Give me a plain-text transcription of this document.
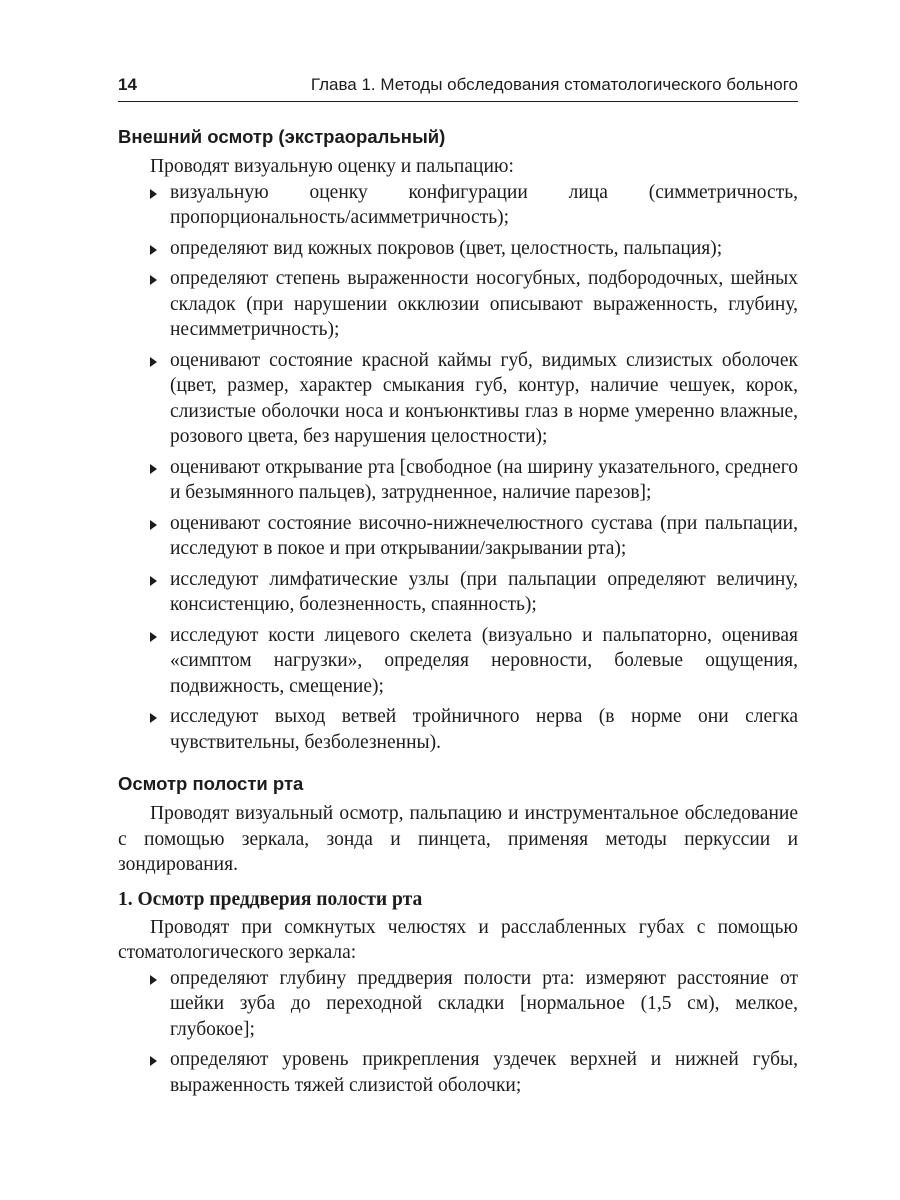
14	Глава 1. Методы обследования стоматологического больного
Внешний осмотр (экстраоральный)

Проводят визуальную оценку и пальпацию:

визуальную оценку конфигурации лица (симметричность, пропорциональность/асимметричность);
определяют вид кожных покровов (цвет, целостность, пальпация);
определяют степень выраженности носогубных, подбородочных, шейных складок (при нарушении окклюзии описывают выраженность, глубину, несимметричность);
оценивают состояние красной каймы губ, видимых слизистых оболочек (цвет, размер, характер смыкания губ, контур, наличие чешуек, корок, слизистые оболочки носа и конъюнктивы глаз в норме умеренно влажные, розового цвета, без нарушения целостности);
оценивают открывание рта [свободное (на ширину указательного, среднего и безымянного пальцев), затрудненное, наличие парезов];
оценивают состояние височно-нижнечелюстного сустава (при пальпации, исследуют в покое и при открывании/закрывании рта);
исследуют лимфатические узлы (при пальпации определяют величину, консистенцию, болезненность, спаянность);
исследуют кости лицевого скелета (визуально и пальпаторно, оценивая «симптом нагрузки», определяя неровности, болевые ощущения, подвижность, смещение);
исследуют выход ветвей тройничного нерва (в норме они слегка чувствительны, безболезненны).
Осмотр полости рта

Проводят визуальный осмотр, пальпацию и инструментальное обследование с помощью зеркала, зонда и пинцета, применяя методы перкуссии и зондирования.

1. Осмотр преддверия полости рта

Проводят при сомкнутых челюстях и расслабленных губах с помощью стоматологического зеркала:

определяют глубину преддверия полости рта: измеряют расстояние от шейки зуба до переходной складки [нормальное (1,5 см), мелкое, глубокое];
определяют уровень прикрепления уздечек верхней и нижней губы, выраженность тяжей слизистой оболочки;
